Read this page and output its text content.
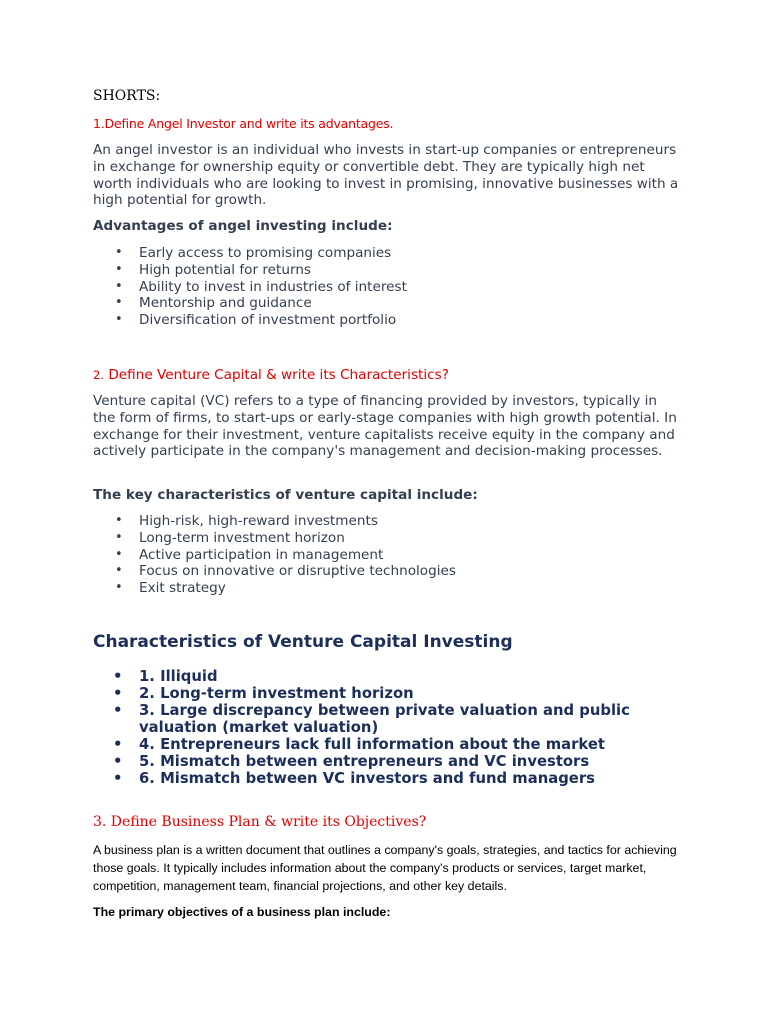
SHORTS:
1.Define Angel Investor and write its advantages.
An angel investor is an individual who invests in start-up companies or entrepreneurs in exchange for ownership equity or convertible debt. They are typically high net worth individuals who are looking to invest in promising, innovative businesses with a high potential for growth.
Advantages of angel investing include:
• Early access to promising companies
• High potential for returns
• Ability to invest in industries of interest
• Mentorship and guidance
• Diversification of investment portfolio
2. Define Venture Capital & write its Characteristics?
Venture capital (VC) refers to a type of financing provided by investors, typically in the form of firms, to start-ups or early-stage companies with high growth potential. In exchange for their investment, venture capitalists receive equity in the company and actively participate in the company's management and decision-making processes.
The key characteristics of venture capital include:
• High-risk, high-reward investments
• Long-term investment horizon
• Active participation in management
• Focus on innovative or disruptive technologies
• Exit strategy
Characteristics of Venture Capital Investing
• 1. Illiquid
• 2. Long-term investment horizon
• 3. Large discrepancy between private valuation and public valuation (market valuation)
• 4. Entrepreneurs lack full information about the market
• 5. Mismatch between entrepreneurs and VC investors
• 6. Mismatch between VC investors and fund managers
3. Define Business Plan & write its Objectives?
A business plan is a written document that outlines a company's goals, strategies, and tactics for achieving those goals. It typically includes information about the company's products or services, target market, competition, management team, financial projections, and other key details.
The primary objectives of a business plan include:
